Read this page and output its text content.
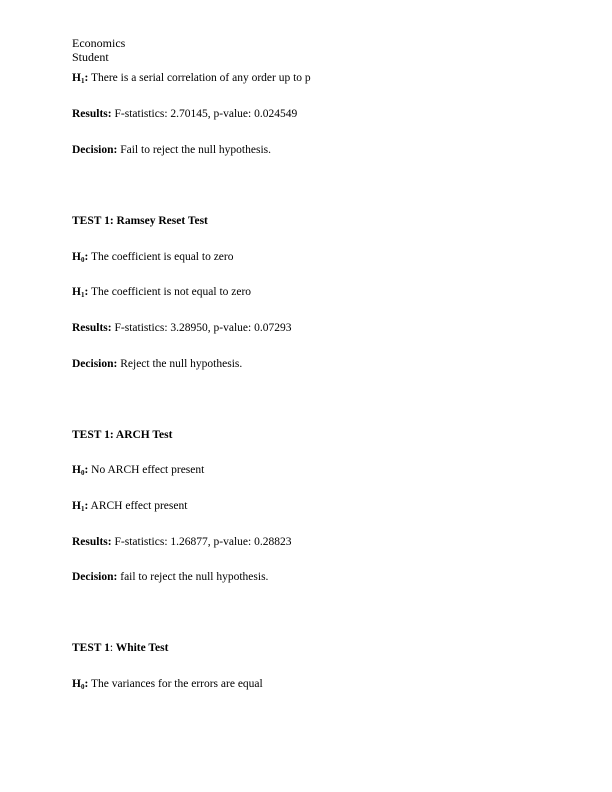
Economics
Student
$H_1$: There is a serial correlation of any order up to p
Results: F-statistics: 2.70145, p-value: 0.024549
Decision: Fail to reject the null hypothesis.
TEST 1: Ramsey Reset Test
$H_0$: The coefficient is equal to zero
$H_1$: The coefficient is not equal to zero
Results: F-statistics: 3.28950, p-value: 0.07293
Decision: Reject the null hypothesis.
TEST 1: ARCH Test
$H_0$: No ARCH effect present
$H_1$: ARCH effect present
Results: F-statistics: 1.26877, p-value: 0.28823
Decision: fail to reject the null hypothesis.
TEST 1: White Test
$H_0$: The variances for the errors are equal
